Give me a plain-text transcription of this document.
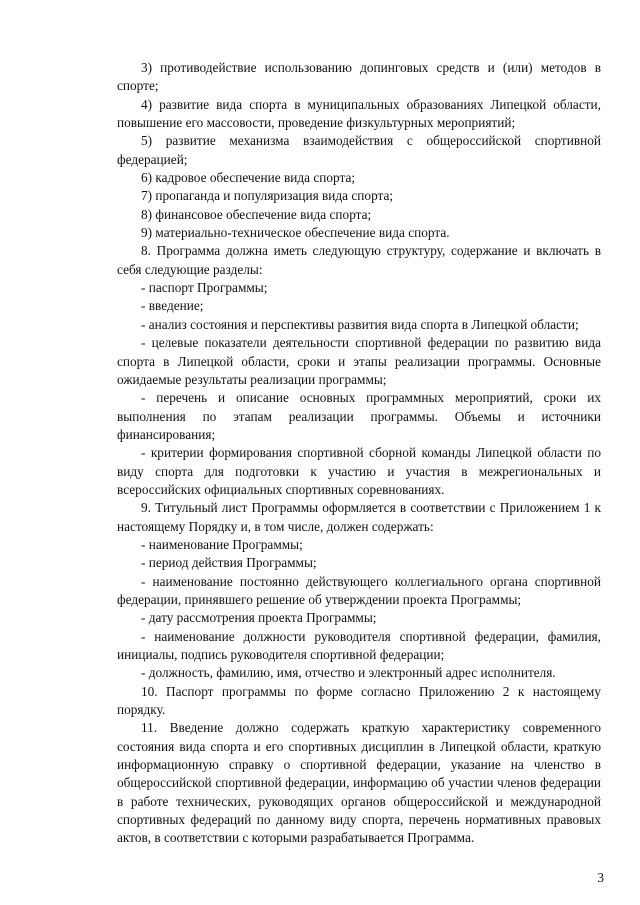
3) противодействие использованию допинговых средств и (или) методов в спорте;

4) развитие вида спорта в муниципальных образованиях Липецкой области, повышение его массовости, проведение физкультурных мероприятий;

5) развитие механизма взаимодействия с общероссийской спортивной федерацией;

6) кадровое обеспечение вида спорта;

7) пропаганда и популяризация вида спорта;

8) финансовое обеспечение вида спорта;

9) материально-техническое обеспечение вида спорта.

8. Программа должна иметь следующую структуру, содержание и включать в себя следующие разделы:

- паспорт Программы;

- введение;

- анализ состояния и перспективы развития вида спорта в Липецкой области;

- целевые показатели деятельности спортивной федерации по развитию вида спорта в Липецкой области, сроки и этапы реализации программы. Основные ожидаемые результаты реализации программы;

- перечень и описание основных программных мероприятий, сроки их выполнения по этапам реализации программы. Объемы и источники финансирования;

- критерии формирования спортивной сборной команды Липецкой области по виду спорта для подготовки к участию и участия в межрегиональных и всероссийских официальных спортивных соревнованиях.

9. Титульный лист Программы оформляется в соответствии с Приложением 1 к настоящему Порядку и, в том числе, должен содержать:

- наименование Программы;

- период действия Программы;

- наименование постоянно действующего коллегиального органа спортивной федерации, принявшего решение об утверждении проекта Программы;

- дату рассмотрения проекта Программы;

- наименование должности руководителя спортивной федерации, фамилия, инициалы, подпись руководителя спортивной федерации;

- должность, фамилию, имя, отчество и электронный адрес исполнителя.

10. Паспорт программы по форме согласно Приложению 2 к настоящему порядку.

11. Введение должно содержать краткую характеристику современного состояния вида спорта и его спортивных дисциплин в Липецкой области, краткую информационную справку о спортивной федерации, указание на членство в общероссийской спортивной федерации, информацию об участии членов федерации в работе технических, руководящих органов общероссийской и международной спортивных федераций по данному виду спорта, перечень нормативных правовых актов, в соответствии с которыми разрабатывается Программа.

3
